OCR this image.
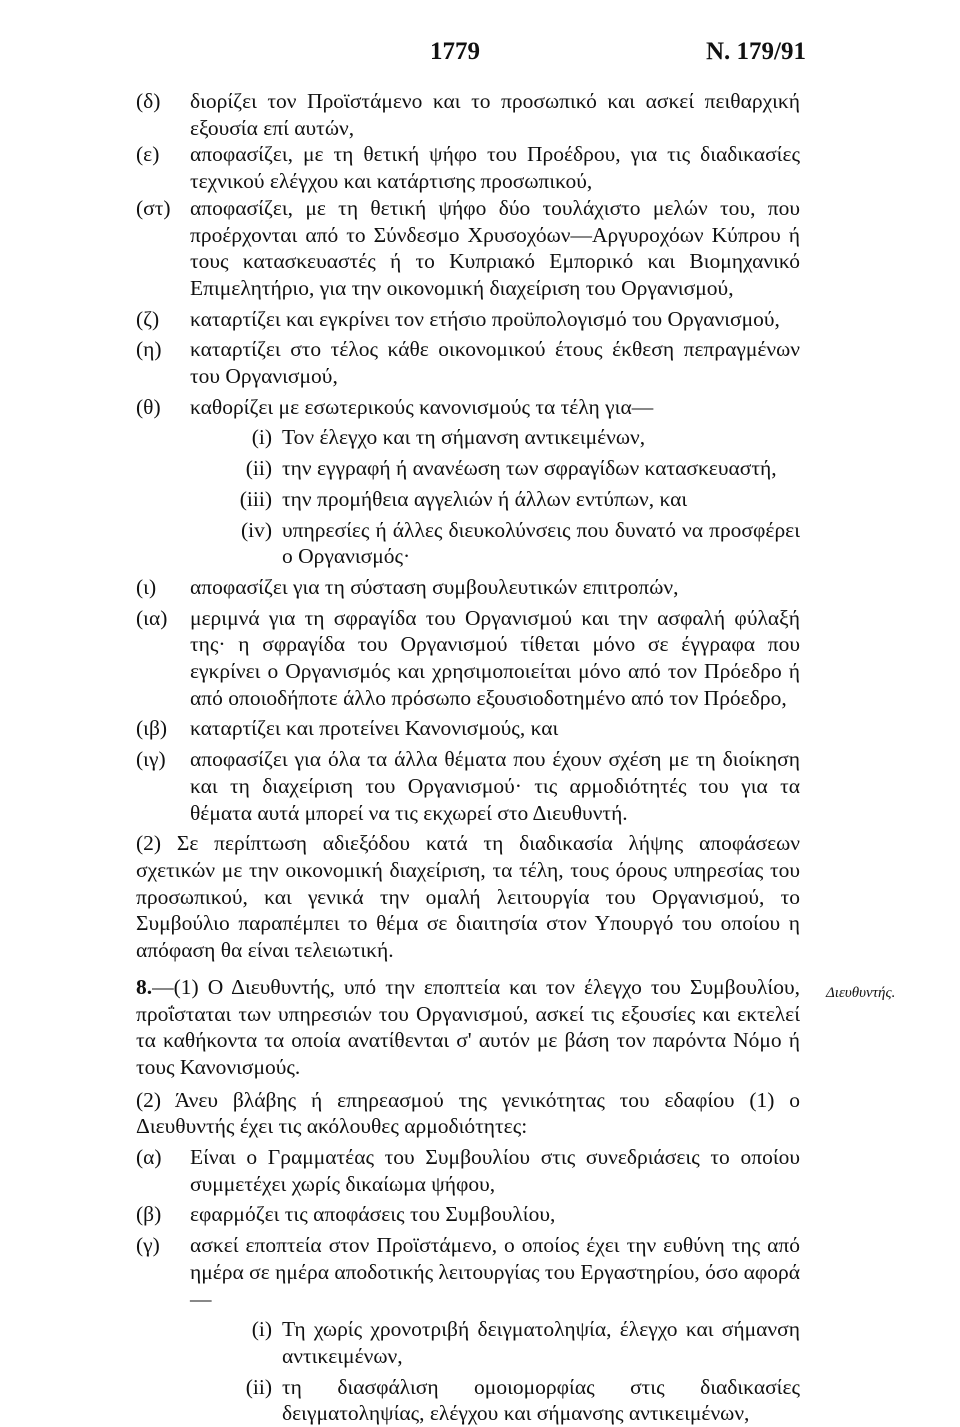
1779	Ν. 179/91
(δ)	διορίζει τον Προϊστάμενο και το προσωπικό και ασκεί πειθαρχική εξουσία επί αυτών,
(ε)	αποφασίζει, με τη θετική ψήφο του Προέδρου, για τις διαδικασίες τεχνικού ελέγχου και κατάρτισης προσωπικού,
(στ) αποφασίζει, με τη θετική ψήφο δύο τουλάχιστο μελών του, που προέρχονται από το Σύνδεσμο Χρυσοχόων—Αργυροχόων Κύπρου ή τους κατασκευαστές ή το Κυπριακό Εμπορικό και Βιομηχανικό Επιμελητήριο, για την οικονομική διαχείριση του Οργανισμού,
(ζ)	καταρτίζει και εγκρίνει τον ετήσιο προϋπολογισμό του Οργανισμού,
(η)	καταρτίζει στο τέλος κάθε οικονομικού έτους έκθεση πεπραγμένων του Οργανισμού,
(θ)	καθορίζει με εσωτερικούς κανονισμούς τα τέλη για—
(i) Τον έλεγχο και τη σήμανση αντικειμένων,
(ii) την εγγραφή ή ανανέωση των σφραγίδων κατασκευαστή,
(iii) την προμήθεια αγγελιών ή άλλων εντύπων, και
(iv) υπηρεσίες ή άλλες διευκολύνσεις που δυνατό να προσφέρει ο Οργανισμός·
(ι)	αποφασίζει για τη σύσταση συμβουλευτικών επιτροπών,
(ια)	μεριμνά για τη σφραγίδα του Οργανισμού και την ασφαλή φύλαξή της· η σφραγίδα του Οργανισμού τίθεται μόνο σε έγγραφα που εγκρίνει ο Οργανισμός και χρησιμοποιείται μόνο από τον Πρόεδρο ή από οποιοδήποτε άλλο πρόσωπο εξουσιοδοτημένο από τον Πρόεδρο,
(ιβ)	καταρτίζει και προτείνει Κανονισμούς, και
(ιγ)	αποφασίζει για όλα τα άλλα θέματα που έχουν σχέση με τη διοίκηση και τη διαχείριση του Οργανισμού· τις αρμοδιότητές του για τα θέματα αυτά μπορεί να τις εκχωρεί στο Διευθυντή.
(2) Σε περίπτωση αδιεξόδου κατά τη διαδικασία λήψης αποφάσεων σχετικών με την οικονομική διαχείριση, τα τέλη, τους όρους υπηρεσίας του προσωπικού, και γενικά την ομαλή λειτουργία του Οργανισμού, το Συμβούλιο παραπέμπει το θέμα σε διαιτησία στον Υπουργό του οποίου η απόφαση θα είναι τελειωτική.
8.—(1) Ο Διευθυντής, υπό την εποπτεία και τον έλεγχο του Συμβουλίου, προΐσταται των υπηρεσιών του Οργανισμού, ασκεί τις εξουσίες και εκτελεί τα καθήκοντα τα οποία ανατίθενται σ' αυτόν με βάση τον παρόντα Νόμο ή τους Κανονισμούς.
(2) Άνευ βλάβης ή επηρεασμού της γενικότητας του εδαφίου (1) ο Διευθυντής έχει τις ακόλουθες αρμοδιότητες:
(α)	Είναι ο Γραμματέας του Συμβουλίου στις συνεδριάσεις το οποίου συμμετέχει χωρίς δικαίωμα ψήφου,
(β)	εφαρμόζει τις αποφάσεις του Συμβουλίου,
(γ)	ασκεί εποπτεία στον Προϊστάμενο, ο οποίος έχει την ευθύνη της από ημέρα σε ημέρα αποδοτικής λειτουργίας του Εργαστηρίου, όσο αφορά—
(i) Τη χωρίς χρονοτριβή δειγματοληψία, έλεγχο και σήμανση αντικειμένων,
(ii) τη διασφάλιση ομοιομορφίας στις διαδικασίες δειγματοληψίας, ελέγχου και σήμανσης αντικειμένων,
Διευθυντής.
